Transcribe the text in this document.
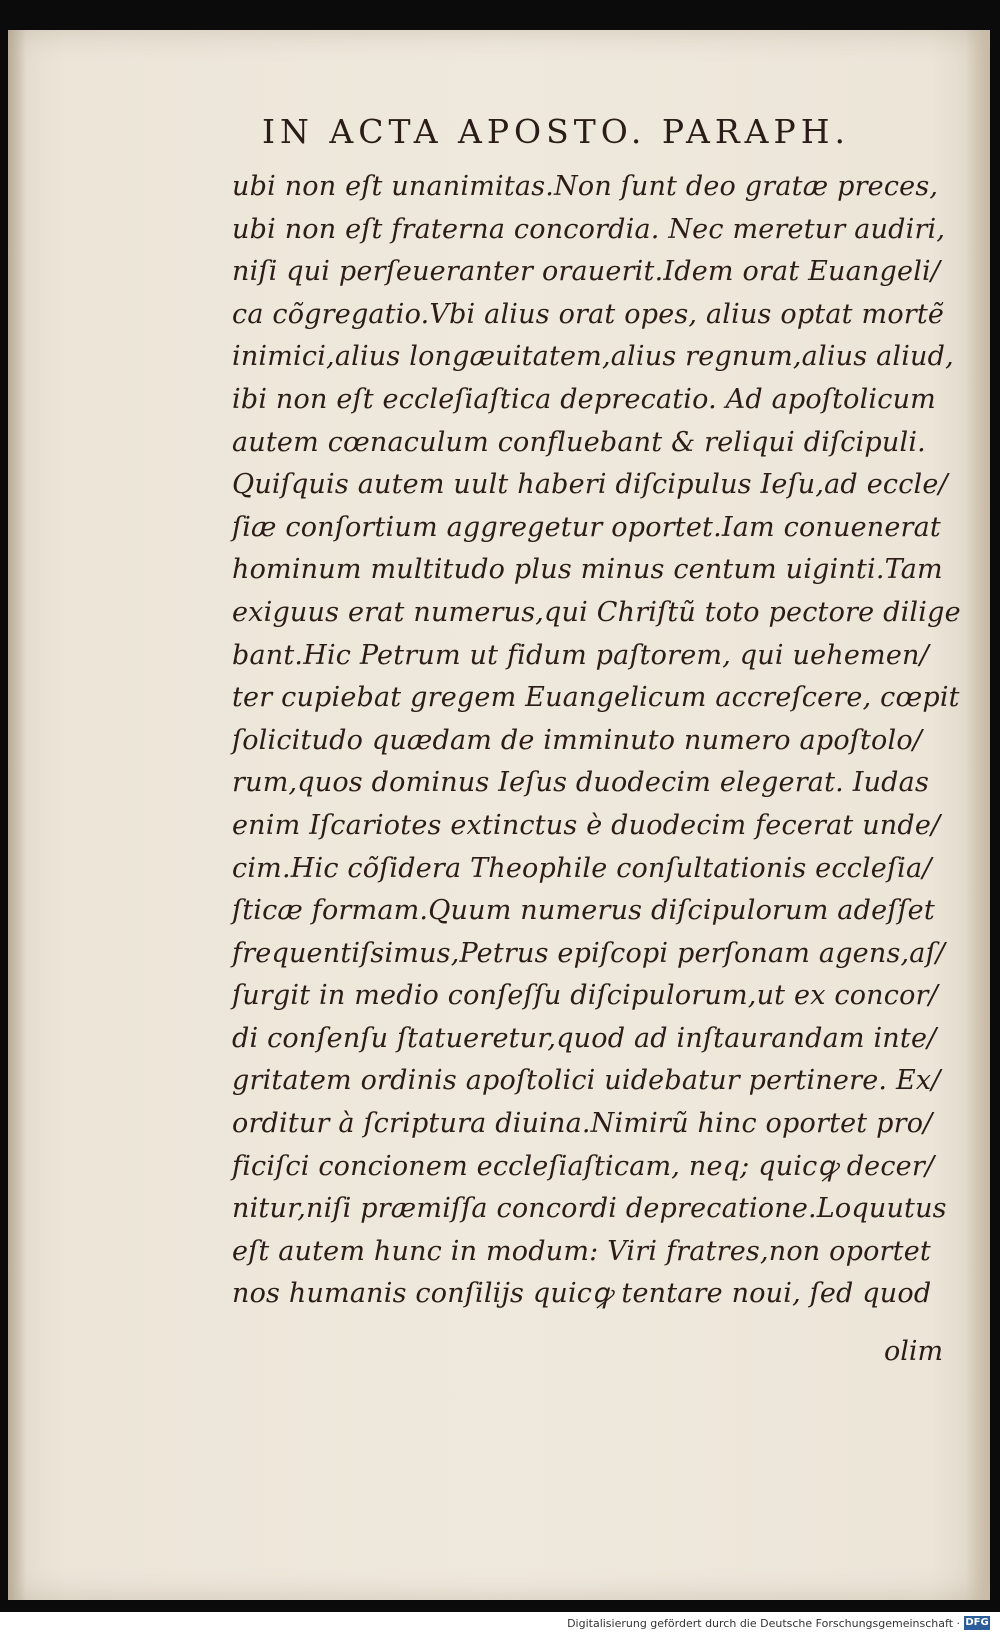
IN ACTA APOSTO. PARAPH.
ubi non eſt unanimitas.Non ſunt deo gratæ preces,
ubi non eſt fraterna concordia. Nec meretur audiri,
niſi qui perſeueranter orauerit.Idem orat Euangeli/
ca cõgregatio.Vbi alius orat opes, alius optat mortẽ
inimici,alius longæuitatem,alius regnum,alius aliud,
ibi non eſt eccleſiaſtica deprecatio. Ad apoſtolicum
autem cœnaculum confluebant & reliqui diſcipuli.
Quiſquis autem uult haberi diſcipulus Ieſu,ad eccle/
ſiæ conſortium aggregetur oportet.Iam conuenerat
hominum multitudo plus minus centum uiginti.Tam
exiguus erat numerus,qui Chriſtũ toto pectore dilige
bant.Hic Petrum ut fidum paſtorem, qui uehemen/
ter cupiebat gregem Euangelicum accreſcere, cœpit
ſolicitudo quædam de imminuto numero apoſtolo/
rum,quos dominus Ieſus duodecim elegerat. Iudas
enim Iſcariotes extinctus è duodecim fecerat unde/
cim.Hic cõſidera Theophile conſultationis eccleſia/
ſticæ formam.Quum numerus diſcipulorum adeſſet
frequentiſsimus,Petrus epiſcopi perſonam agens,aſ/
ſurgit in medio conſeſſu diſcipulorum,ut ex concor/
di conſenſu ſtatueretur,quod ad inſtaurandam inte/
gritatem ordinis apoſtolici uidebatur pertinere. Ex/
orditur à ſcriptura diuina.Nimirũ hinc oportet pro/
ficiſci concionem eccleſiaſticam, neq; quicꝙ decer/
nitur,niſi præmiſſa concordi deprecatione.Loquutus
eſt autem hunc in modum: Viri fratres,non oportet
nos humanis conſilijs quicꝙ tentare noui, ſed quod
olim
Digitalisierung gefördert durch die Deutsche Forschungsgemeinschaft · DFG
